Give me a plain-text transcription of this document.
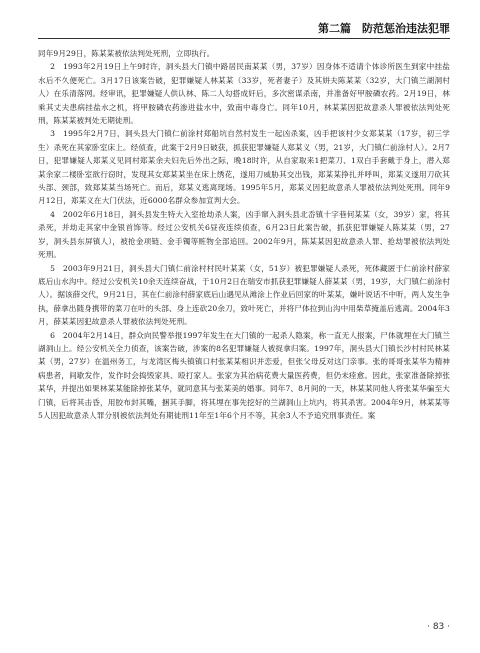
第二篇　防范惩治违法犯罪

同年9月29日，陈某某被依法判处死刑，立即执行。

2　1993年2月19日上午9时许，洞头县大门镇中路居民南某某（男，37岁）因身体不适请个体诊所医生到家中挂盐水后不久便死亡。3月17日该案告破，犯罪嫌疑人林某某（33岁，死者妻子）及其姘夫陈某某（32岁，大门镇兰湖洞村人）在乐清落网。经审讯，犯罪嫌疑人供认林、陈二人勾搭成奸后，多次密谋杀南，并准备好甲胺磷农药。2月19日，林乘其丈夫患病挂盐水之机，将甲胺磷农药渗进盐水中，致南中毒身亡。同年10月，林某某因犯故意杀人罪被依法判处死刑，陈某某被判处无期徒刑。

3　1995年2月7日，洞头县大门镇仁前涂村郑船坑自然村发生一起凶杀案，凶手把该村少女郑某某（17岁，初三学生）杀死在其家卧室床上。经侦查，此案于2月9日破获，抓获犯罪嫌疑人郑某义（男，21岁，大门镇仁前涂村人）。2月7日，犯罪嫌疑人郑某义见同村郑某余夫妇先后外出之际，晚18时许，从自家取来1把菜刀、1双白手套戴于身上，潜入郑某余家二楼卧室欲行窃时，发现其女郑某某坐在床上绣花，遂用刀威胁其交出钱，郑某某挣扎并呼叫，郑某义遂用刀砍其头部、颈部，致郑某某当场死亡。而后，郑某义逃离现场。1995年5月，郑某义因犯故意杀人罪被依法判处死刑。同年9月12日，郑某义在大门伏法，近6000名群众参加宣判大会。

4　2002年6月18日，洞头县发生特大入室抢劫杀人案，凶手窜入洞头县北岙镇十字巷何某某（女，39岁）家，将其杀死，并劫走其家中金银首饰等。经过公安机关6昼夜连续侦查，6月23日此案告破，抓获犯罪嫌疑人陈某某（男，27岁，洞头县东屏镇人），被抢金项链、金手镯等赃物全部追回。2002年9月，陈某某因犯故意杀人罪、抢劫罪被依法判处死刑。

5　2003年9月21日，洞头县大门镇仁前涂村村民叶某某（女，51岁）被犯罪嫌疑人杀死，死体藏匿于仁前涂村薛家底后山水沟中。经过公安机关10余天连续奋战，于10月2日在瑞安市抓获犯罪嫌疑人薛某某（男，19岁，大门镇仁前涂村人）。据该薛交代，9月21日，其在仁前涂村薛家底后山遇见从滩涂上作业后回家的叶某某，嫌叶说话不中听，两人发生争执，薛拿出随身携带的菜刀在叶的头部、身上连砍20余刀，致叶死亡，并将尸体拉到山沟中用柴草掩盖后逃离。2004年3月，薛某某因犯故意杀人罪被依法判处死刑。

6　2004年2月14日，群众向民警举报1997年发生在大门镇的一起杀人隐案，称一直无人报案，尸体就埋在大门镇兰湖洞山上。经公安机关全力侦查，该案告破，涉案的8名犯罪嫌疑人被捉拿归案。1997年，洞头县大门镇长沙村村民林某某（男，27岁）在温州务工，与龙湾区梅头镇镇口村张某某相识并恋爱，但张父母反对这门亲事。张的哥哥张某华为精神病患者，间歇发作，发作时会捣毁家具、殴打家人。张家为其治病花费大量医药费，但仍未痊愈。因此，张家准备除掉张某华，并提出如果林某某能除掉张某华，就同意其与张某美的婚事。同年7、8月间的一天，林某某同他人将张某华骗至大门镇，后将其击昏，用胶布封其嘴，捆其手脚，将其埋在事先挖好的兰湖洞山上坑内，将其杀害。2004年9月，林某某等5人因犯故意杀人罪分别被依法判处有期徒刑11年至1年6个月不等，其余3人不予追究刑事责任。案

· 83 ·
